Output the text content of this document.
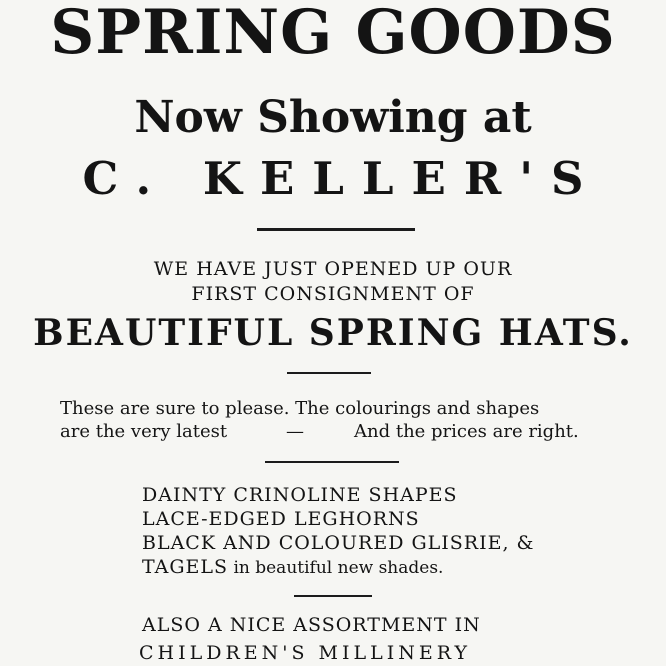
SPRING GOODS
Now Showing at
C. KELLER'S
WE HAVE JUST OPENED UP OUR
FIRST CONSIGNMENT OF
BEAUTIFUL SPRING HATS.
These are sure to please. The colourings and shapes
are the very latest	—	And the prices are right.
DAINTY CRINOLINE SHAPES
LACE-EDGED LEGHORNS
BLACK AND COLOURED GLISRIE, &
TAGELS in beautiful new shades.
ALSO A NICE ASSORTMENT IN
CHILDREN'S MILLINERY
